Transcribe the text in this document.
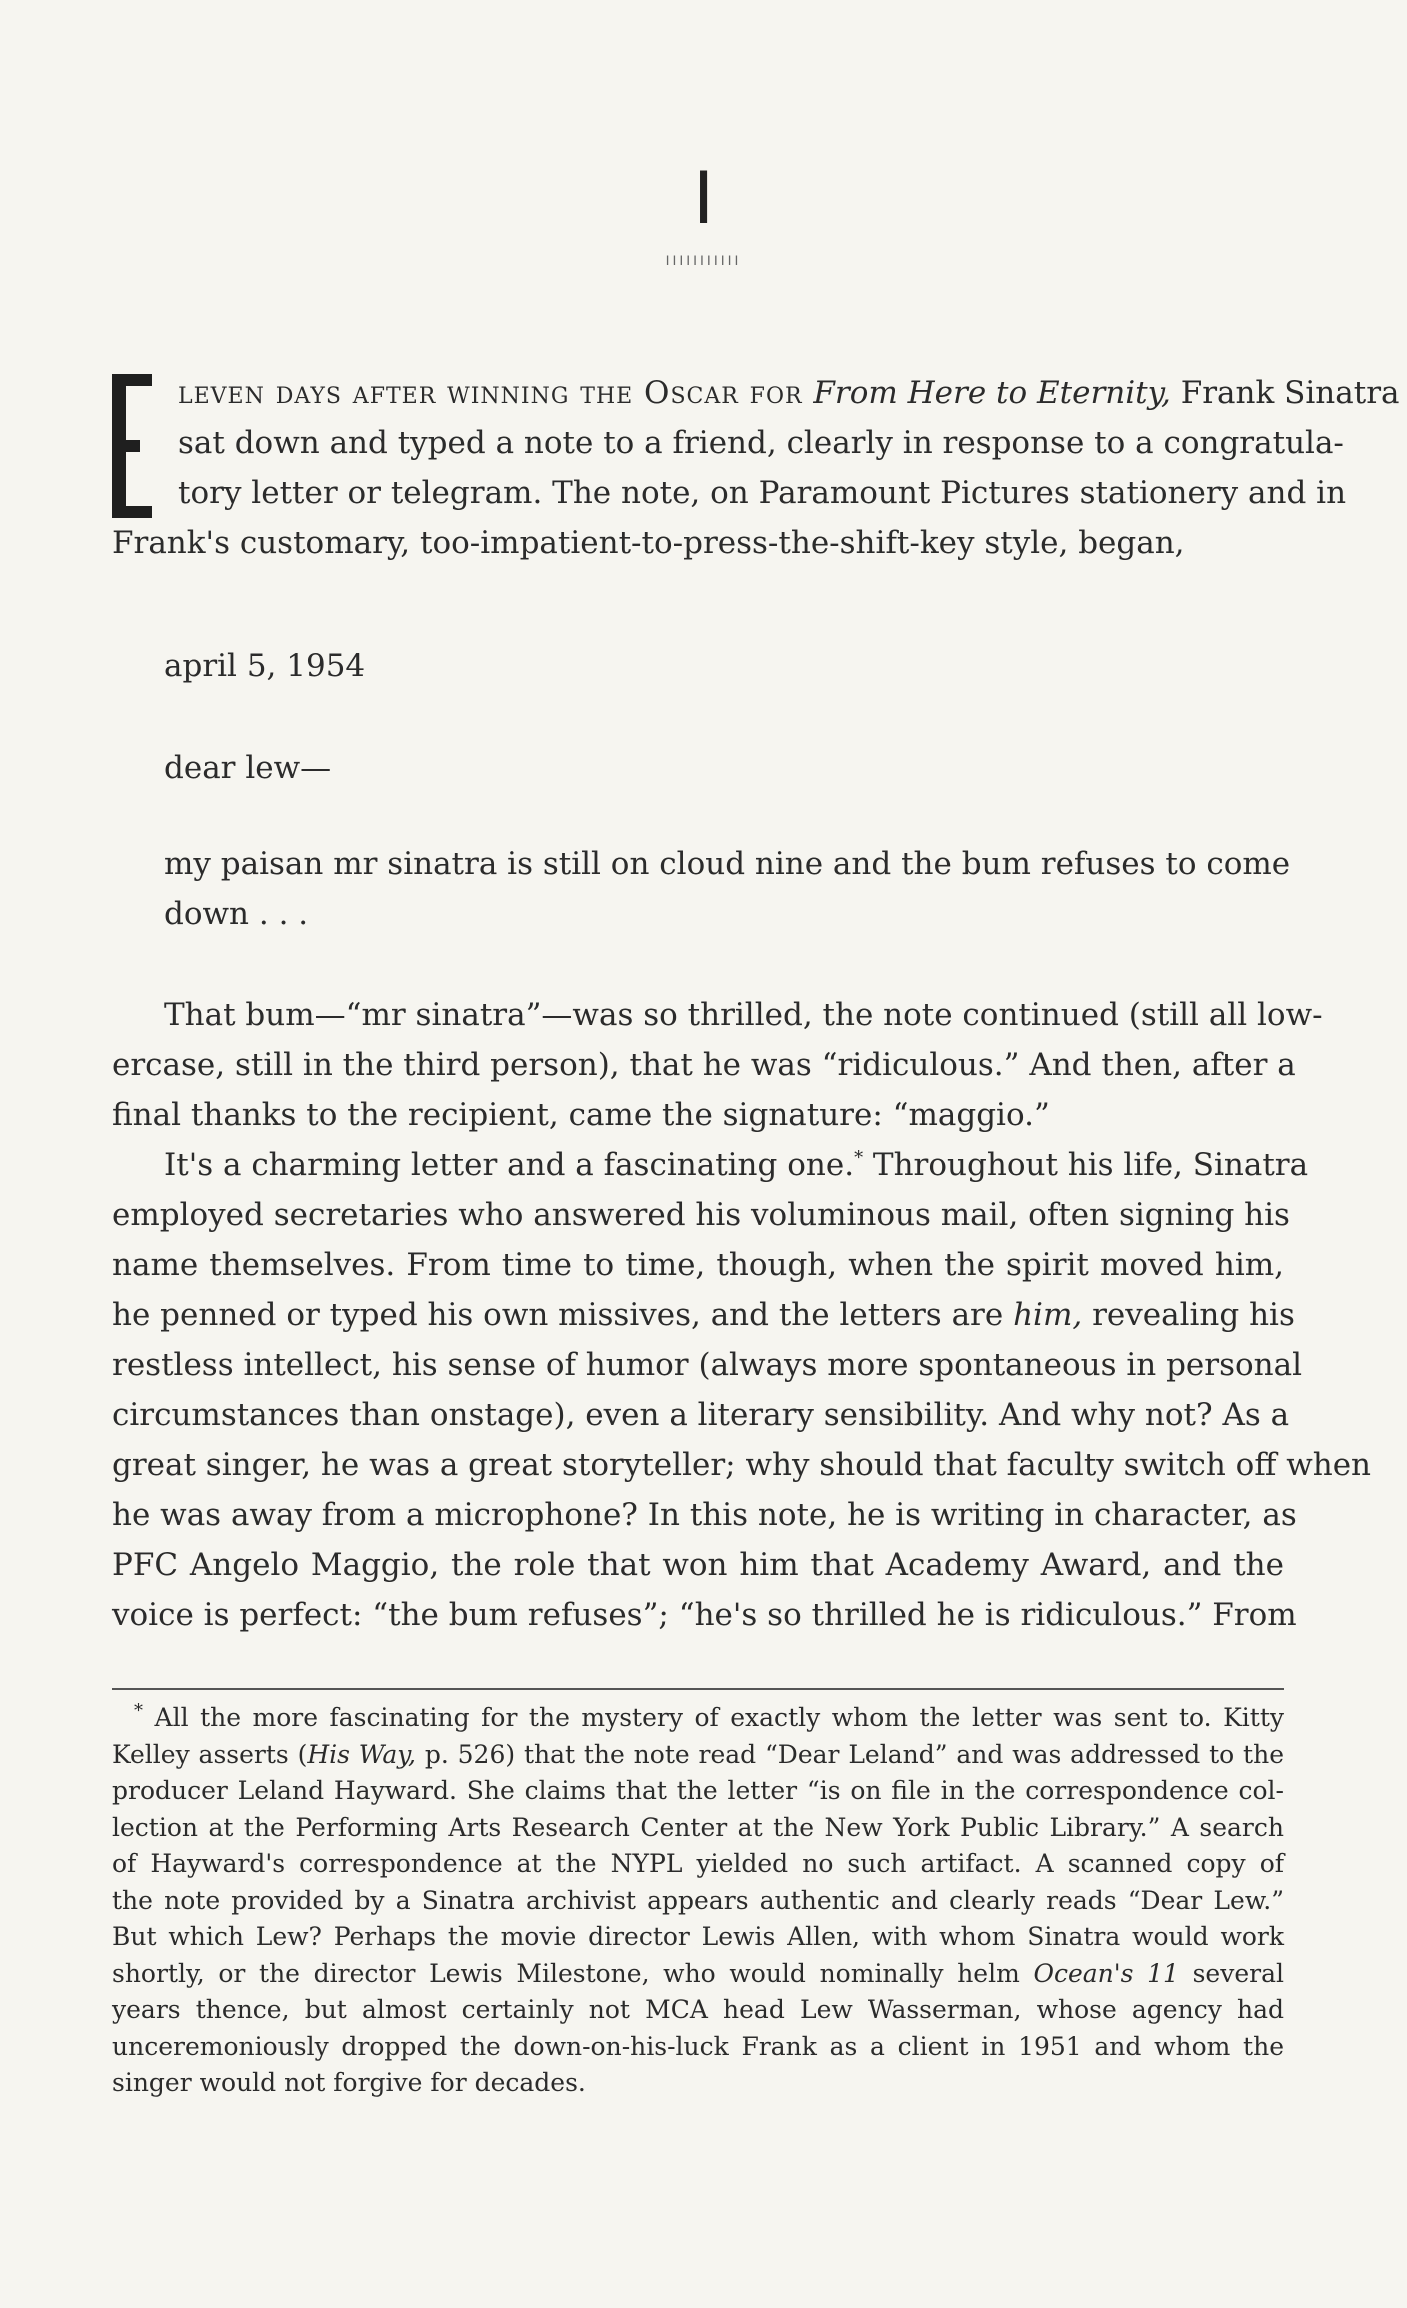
I
IIIIIIIIIII
leven days after winning the Oscar for From Here to Eternity, Frank Sinatra
sat down and typed a note to a friend, clearly in response to a congratula-
tory letter or telegram. The note, on Paramount Pictures stationery and in
Frank's customary, too-impatient-to-press-the-shift-key style, began,
april 5, 1954
dear lew—
my paisan mr sinatra is still on cloud nine and the bum refuses to come
down . . .
That bum—“mr sinatra”—was so thrilled, the note continued (still all low-
ercase, still in the third person), that he was “ridiculous.” And then, after a
final thanks to the recipient, came the signature: “maggio.”
It's a charming letter and a fascinating one.* Throughout his life, Sinatra
employed secretaries who answered his voluminous mail, often signing his
name themselves. From time to time, though, when the spirit moved him,
he penned or typed his own missives, and the letters are him, revealing his
restless intellect, his sense of humor (always more spontaneous in personal
circumstances than onstage), even a literary sensibility. And why not? As a
great singer, he was a great storyteller; why should that faculty switch off when
he was away from a microphone? In this note, he is writing in character, as
PFC Angelo Maggio, the role that won him that Academy Award, and the
voice is perfect: “the bum refuses”; “he's so thrilled he is ridiculous.” From
* All the more fascinating for the mystery of exactly whom the letter was sent to. Kitty
Kelley asserts (His Way, p. 526) that the note read “Dear Leland” and was addressed to the
producer Leland Hayward. She claims that the letter “is on file in the correspondence col-
lection at the Performing Arts Research Center at the New York Public Library.” A search
of Hayward's correspondence at the NYPL yielded no such artifact. A scanned copy of
the note provided by a Sinatra archivist appears authentic and clearly reads “Dear Lew.”
But which Lew? Perhaps the movie director Lewis Allen, with whom Sinatra would work
shortly, or the director Lewis Milestone, who would nominally helm Ocean's 11 several
years thence, but almost certainly not MCA head Lew Wasserman, whose agency had
unceremoniously dropped the down-on-his-luck Frank as a client in 1951 and whom the
singer would not forgive for decades.
